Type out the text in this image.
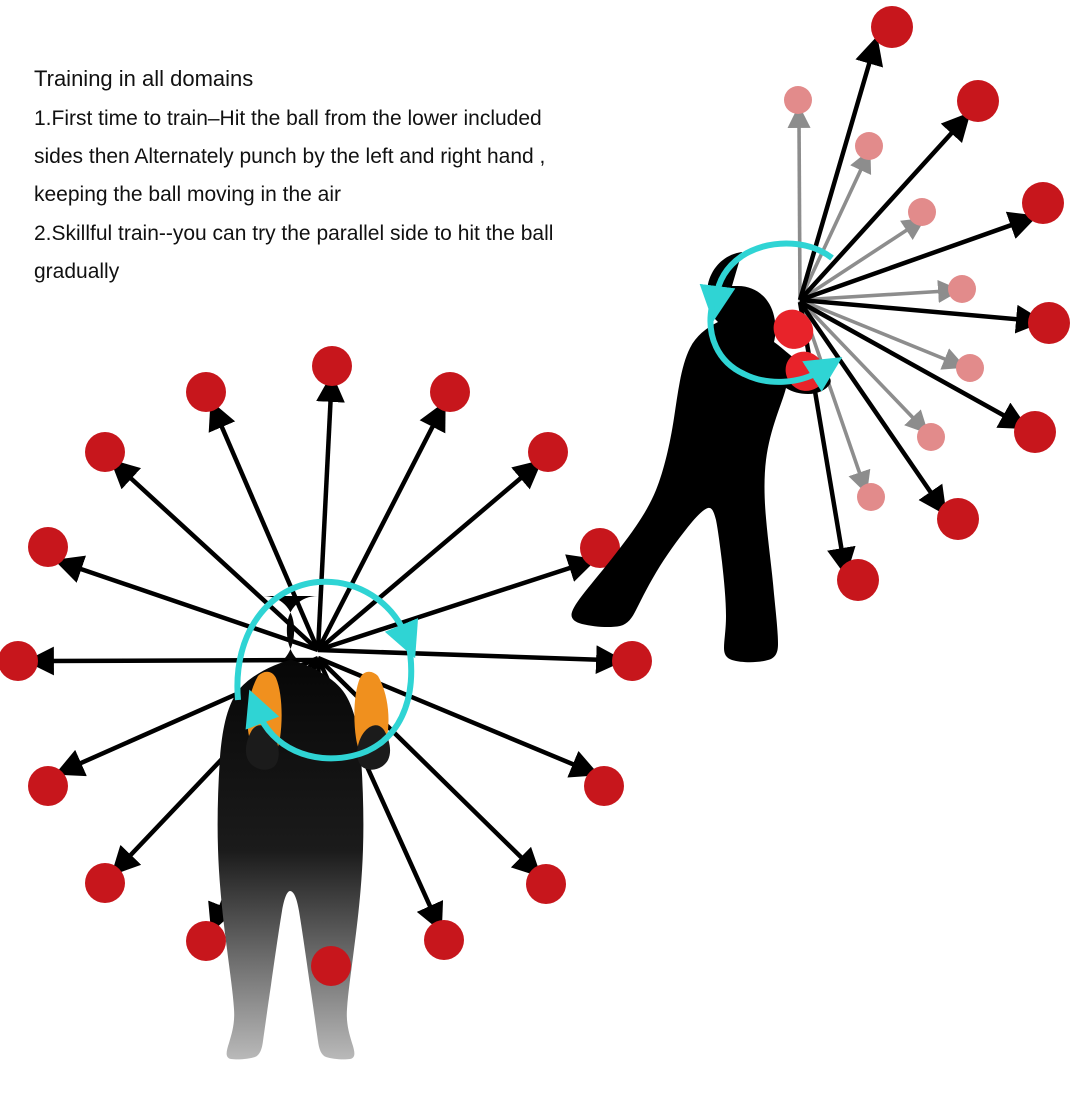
Training in all domains
1.First time to train–Hit the ball from the lower included
sides then Alternately punch by the left and right hand ,
keeping the ball moving in the air
2.Skillful train--you can try the parallel side to hit the ball
gradually
